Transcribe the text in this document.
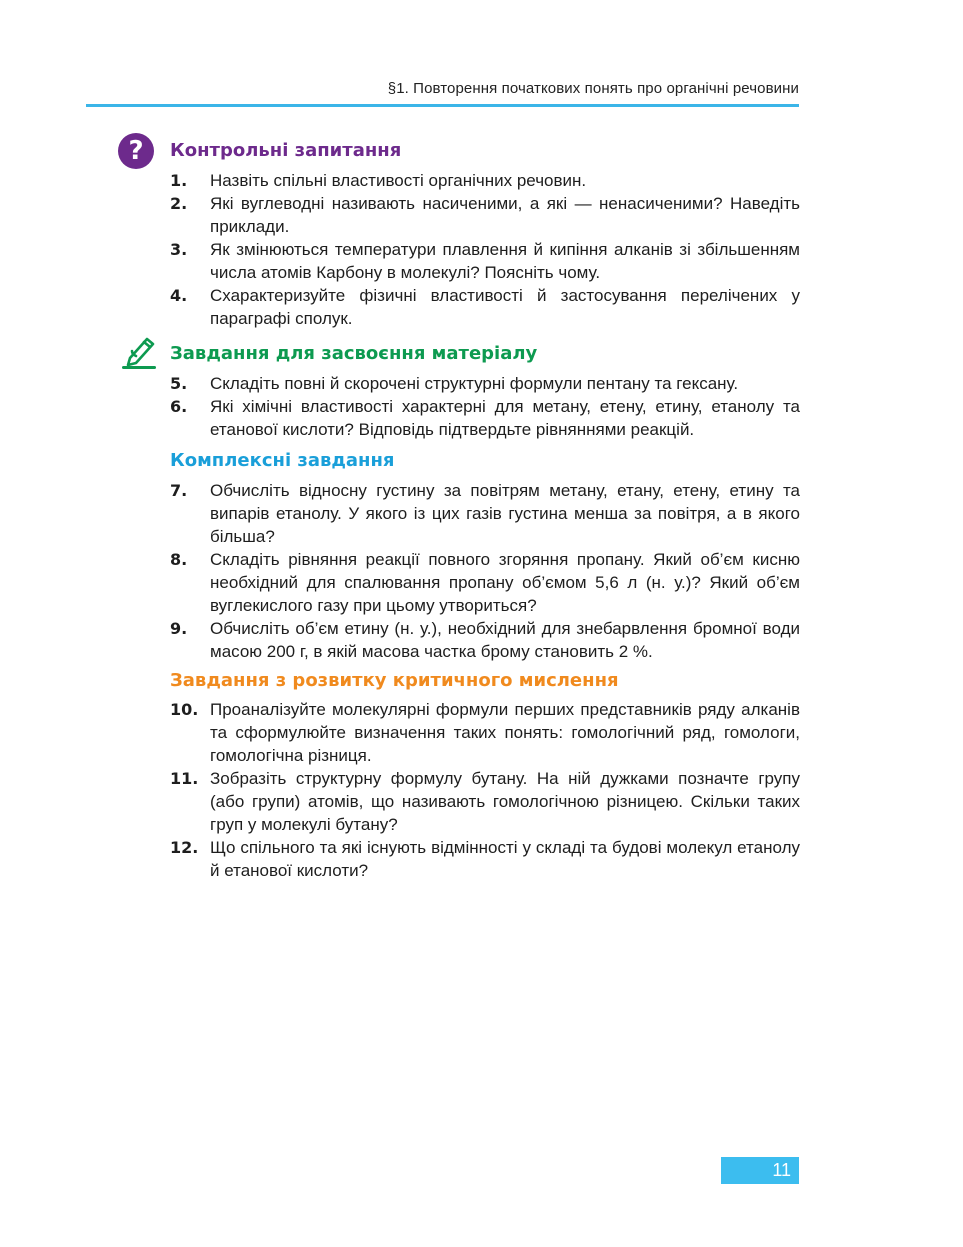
§1. Повторення початкових понять про органічні речовини
?	Контрольні запитання
1. Назвіть спільні властивості органічних речовин.
2. Які вуглеводні називають насиченими, а які — ненасиченими? Наведіть приклади.
3. Як змінюються температури плавлення й кипіння алканів зі збільшенням числа атомів Карбону в молекулі? Поясніть чому.
4. Схарактеризуйте фізичні властивості й застосування перелічених у параграфі сполук.
Завдання для засвоєння матеріалу
5. Складіть повні й скорочені структурні формули пентану та гексану.
6. Які хімічні властивості характерні для метану, етену, етину, етанолу та етанової кислоти? Відповідь підтвердьте рівняннями реакцій.
Комплексні завдання
7. Обчисліть відносну густину за повітрям метану, етану, етену, етину та випарів етанолу. У якого із цих газів густина менша за повітря, а в якого більша?
8. Складіть рівняння реакції повного згоряння пропану. Який об’єм кисню необхідний для спалювання пропану об’ємом 5,6 л (н. у.)? Який об’єм вуглекислого газу при цьому утвориться?
9. Обчисліть об’єм етину (н. у.), необхідний для знебарвлення бромної води масою 200 г, в якій масова частка брому становить 2 %.
Завдання з розвитку критичного мислення
10. Проаналізуйте молекулярні формули перших представників ряду алканів та сформулюйте визначення таких понять: гомологічний ряд, гомологи, гомологічна різниця.
11. Зобразіть структурну формулу бутану. На ній дужками позначте групу (або групи) атомів, що називають гомологічною різницею. Скільки таких груп у молекулі бутану?
12. Що спільного та які існують відмінності у складі та будові молекул етанолу й етанової кислоти?
11
